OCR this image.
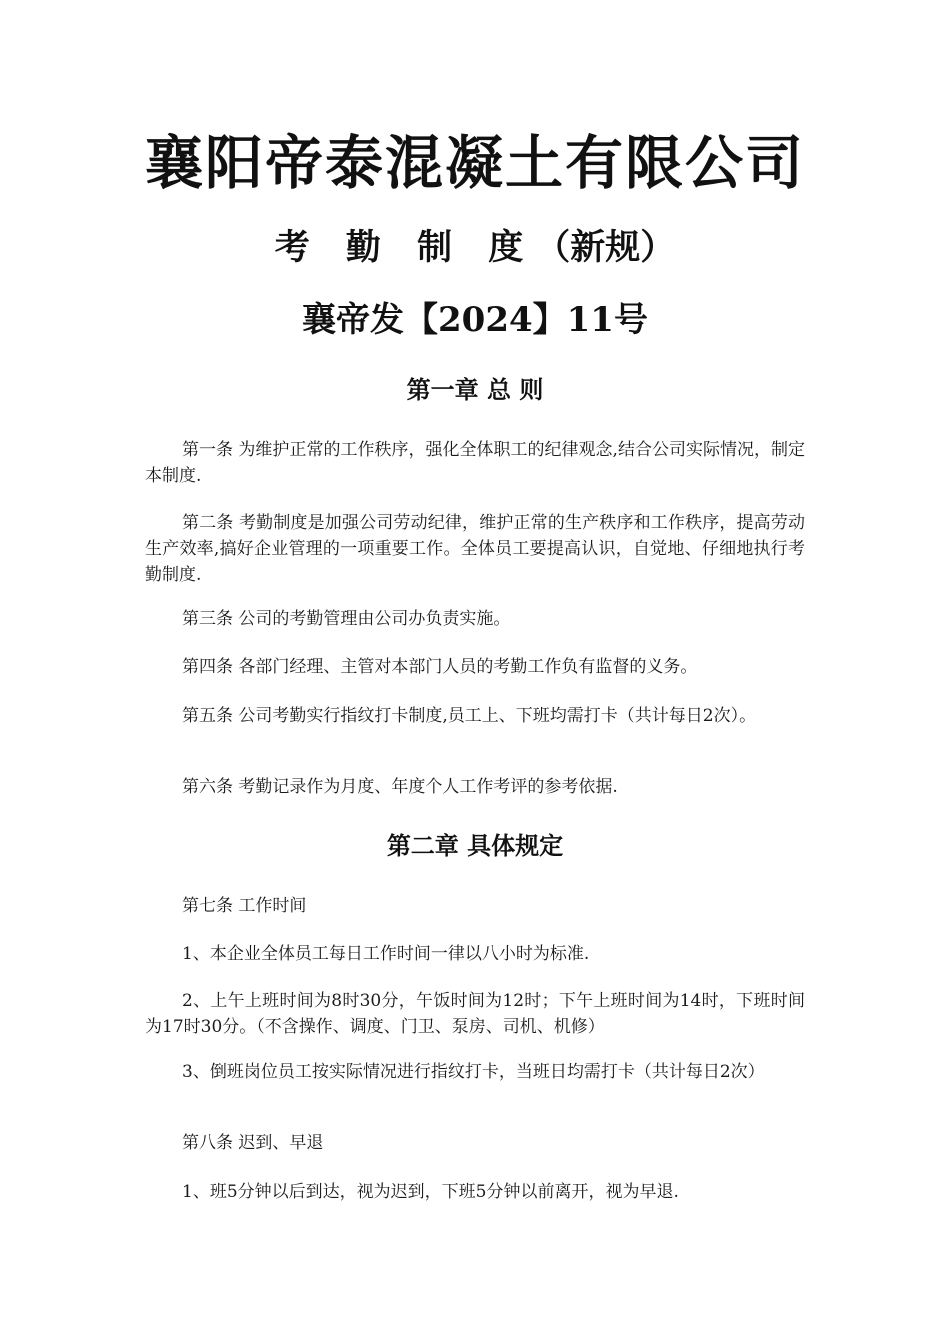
襄阳帝泰混凝土有限公司
考 勤 制 度（新规）
襄帝发【2024】11号
第一章 总 则

第一条 为维护正常的工作秩序，强化全体职工的纪律观念,结合公司实际情况，制定本制度.

第二条 考勤制度是加强公司劳动纪律，维护正常的生产秩序和工作秩序，提高劳动生产效率,搞好企业管理的一项重要工作。全体员工要提高认识，自觉地、仔细地执行考勤制度.

第三条 公司的考勤管理由公司办负责实施。

第四条 各部门经理、主管对本部门人员的考勤工作负有监督的义务。

第五条 公司考勤实行指纹打卡制度,员工上、下班均需打卡（共计每日2次）。

第六条 考勤记录作为月度、年度个人工作考评的参考依据.

第二章 具体规定

第七条 工作时间

1、本企业全体员工每日工作时间一律以八小时为标准.

2、上午上班时间为8时30分，午饭时间为12时；下午上班时间为14时，下班时间为17时30分。（不含操作、调度、门卫、泵房、司机、机修）

3、倒班岗位员工按实际情况进行指纹打卡，当班日均需打卡（共计每日2次）

第八条 迟到、早退

1、班5分钟以后到达，视为迟到，下班5分钟以前离开，视为早退.
